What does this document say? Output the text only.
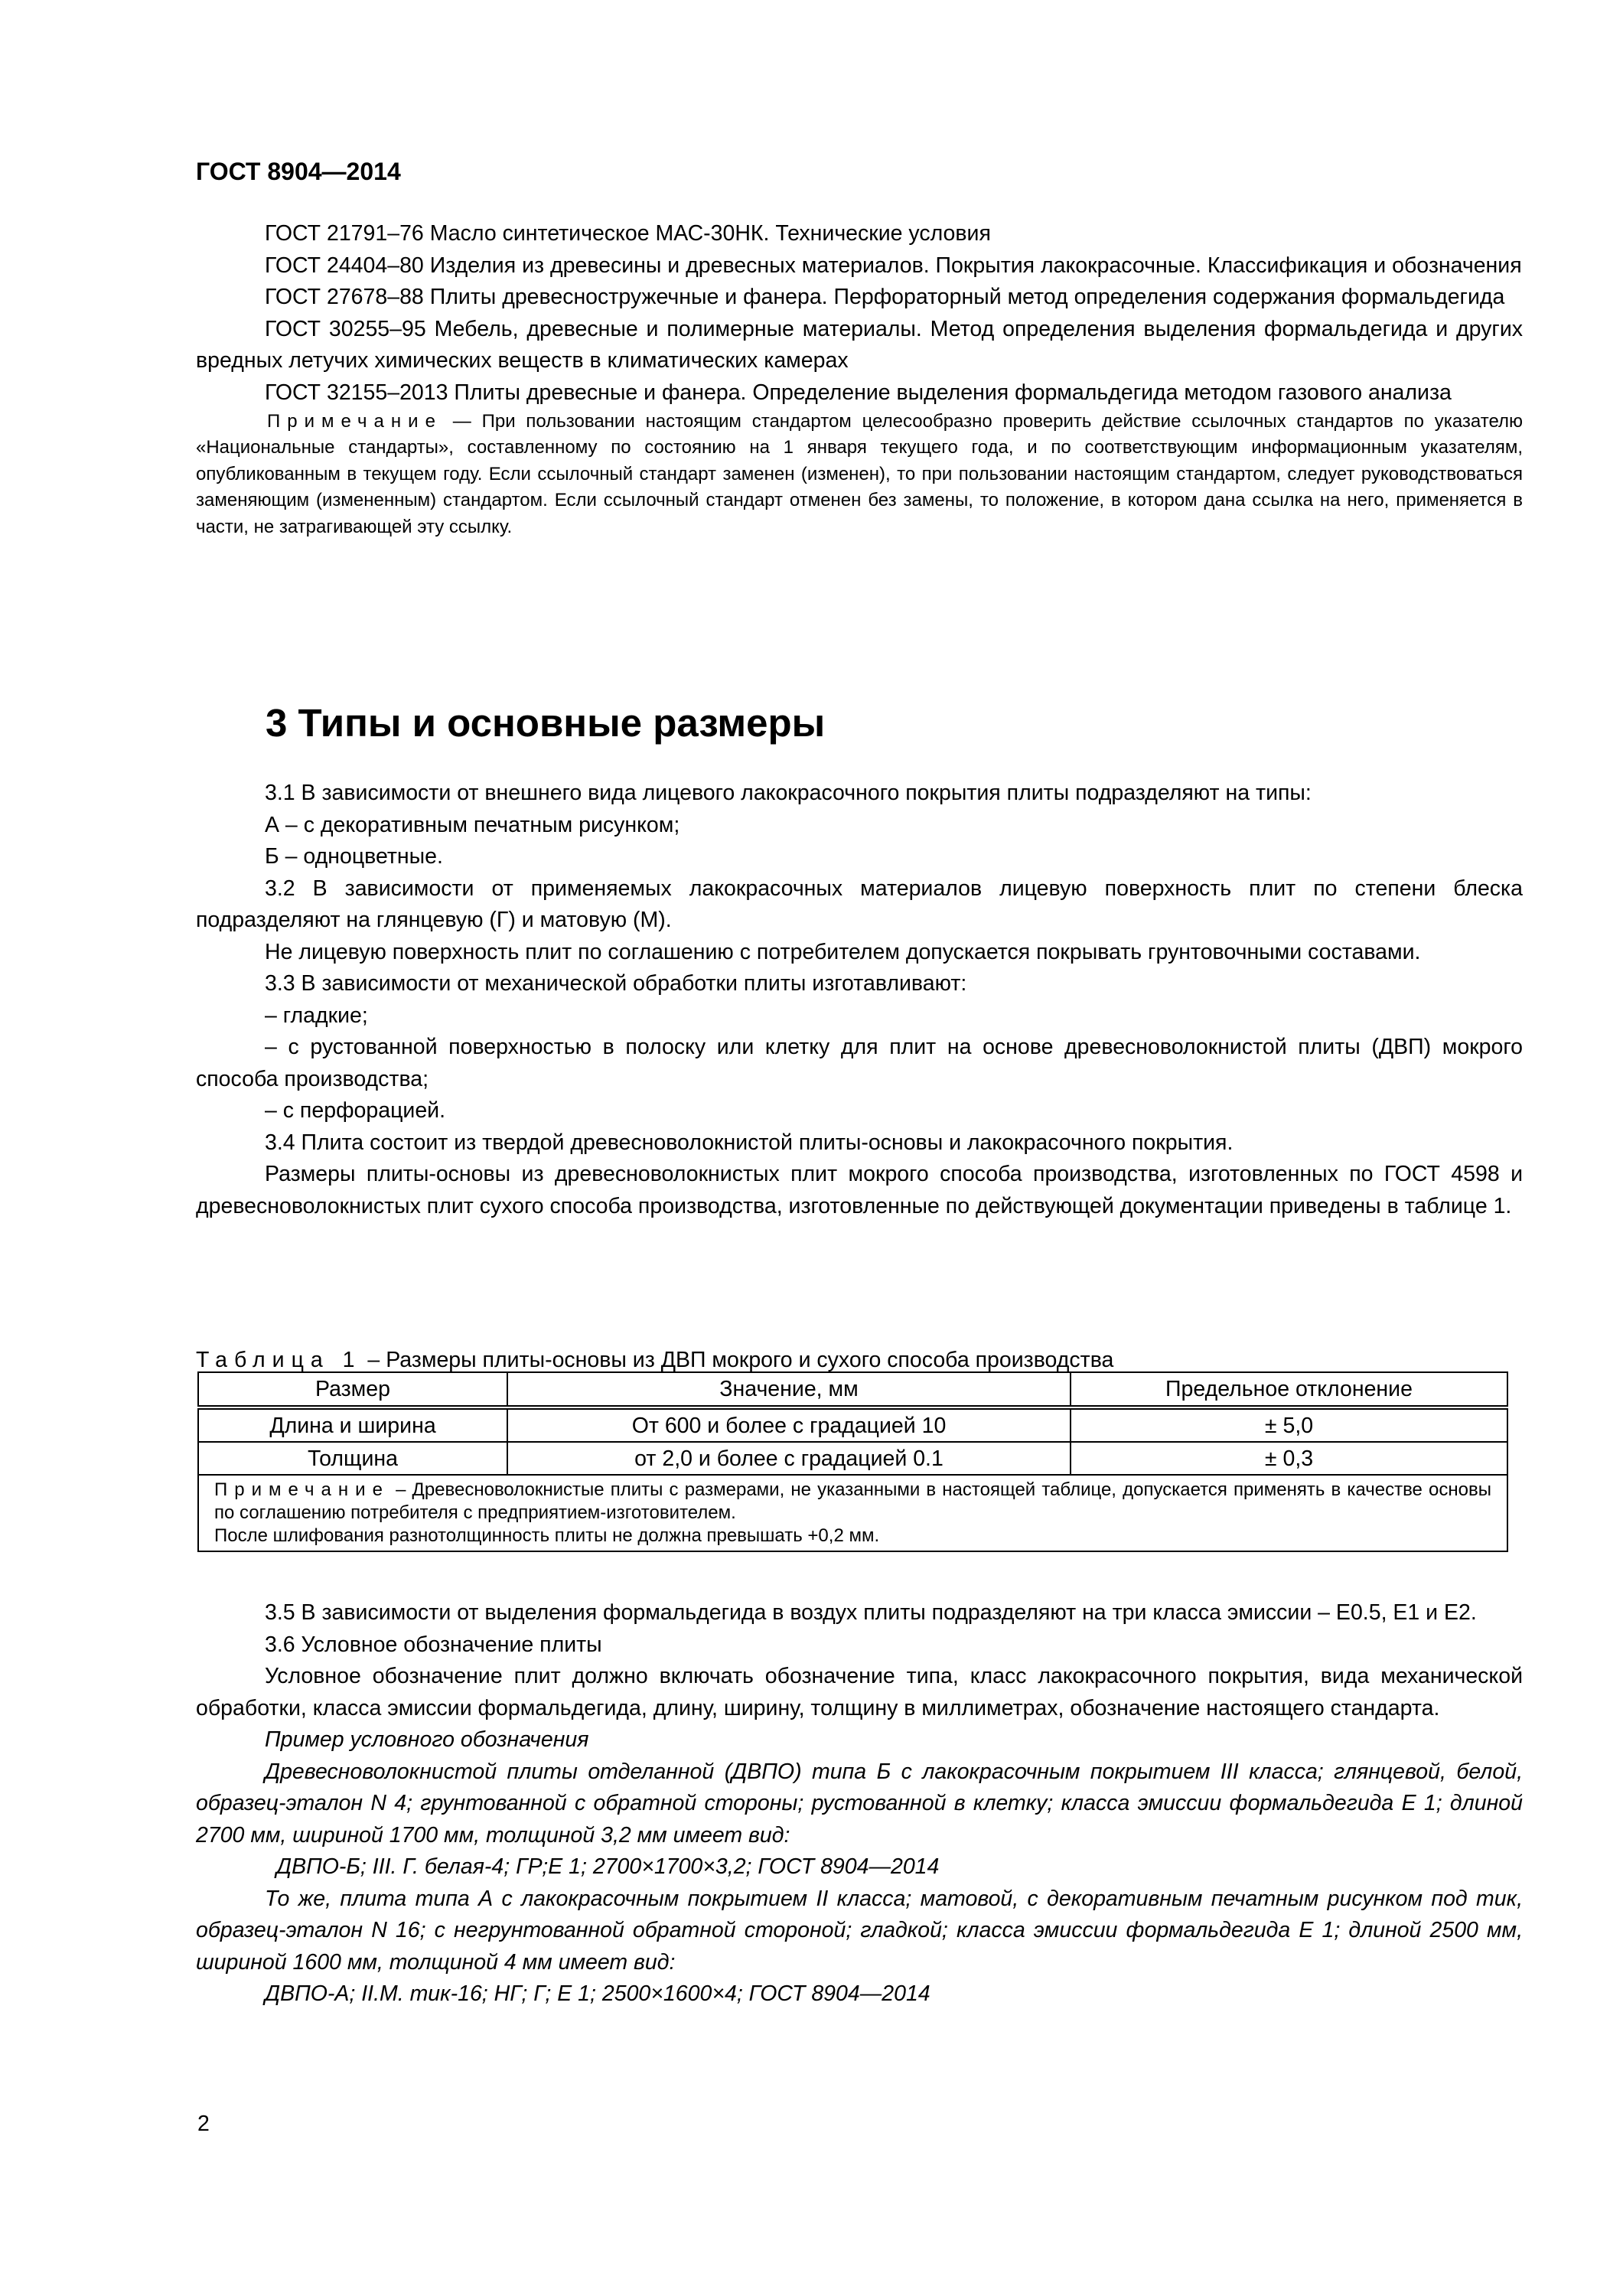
ГОСТ 8904—2014

ГОСТ 21791–76 Масло синтетическое МАС-30НК. Технические условия

ГОСТ 24404–80 Изделия из древесины и древесных материалов. Покрытия лакокрасочные. Классификация и обозначения

ГОСТ 27678–88 Плиты древесностружечные и фанера. Перфораторный метод определения содержания формальдегида

ГОСТ 30255–95 Мебель, древесные и полимерные материалы. Метод определения выделения формальдегида и других вредных летучих химических веществ в климатических камерах

ГОСТ 32155–2013 Плиты древесные и фанера. Определение выделения формальдегида методом газового анализа

Примечание — При пользовании настоящим стандартом целесообразно проверить действие ссылочных стандартов по указателю «Национальные стандарты», составленному по состоянию на 1 января текущего года, и по соответствующим информационным указателям, опубликованным в текущем году. Если ссылочный стандарт заменен (изменен), то при пользовании настоящим стандартом, следует руководствоваться заменяющим (измененным) стандартом. Если ссылочный стандарт отменен без замены, то положение, в котором дана ссылка на него, применяется в части, не затрагивающей эту ссылку.

3 Типы и основные размеры

3.1 В зависимости от внешнего вида лицевого лакокрасочного покрытия плиты подразделяют на типы:

А – с декоративным печатным рисунком;

Б – одноцветные.

3.2 В зависимости от применяемых лакокрасочных материалов лицевую поверхность плит по степени блеска подразделяют на глянцевую (Г) и матовую (М).

Не лицевую поверхность плит по соглашению с потребителем допускается покрывать грунтовочными составами.

3.3 В зависимости от механической обработки плиты изготавливают:

– гладкие;

– с рустованной поверхностью в полоску или клетку для плит на основе древесноволокнистой плиты (ДВП) мокрого способа производства;

– с перфорацией.

3.4 Плита состоит из твердой древесноволокнистой плиты-основы и лакокрасочного покрытия.

Размеры плиты-основы из древесноволокнистых плит мокрого способа производства, изготовленных по ГОСТ 4598 и древесноволокнистых плит сухого способа производства, изготовленные по действующей документации приведены в таблице 1.

Таблица 1 – Размеры плиты-основы из ДВП мокрого и сухого способа производства
Размер	Значение, мм	Предельное отклонение
Длина и ширина	От 600 и более с градацией 10	± 5,0
Толщина	от 2,0 и более с градацией 0.1	± 0,3
Примечание – Древесноволокнистые плиты с размерами, не указанными в настоящей таблице, допускается применять в качестве основы по соглашению потребителя с предприятием-изготовителем.
После шлифования разнотолщинность плиты не должна превышать +0,2 мм.		

3.5 В зависимости от выделения формальдегида в воздух плиты подразделяют на три класса эмиссии – Е0.5, Е1 и Е2.

3.6 Условное обозначение плиты

Условное обозначение плит должно включать обозначение типа, класс лакокрасочного покрытия, вида механической обработки, класса эмиссии формальдегида, длину, ширину, толщину в миллиметрах, обозначение настоящего стандарта.

Пример условного обозначения

Древесноволокнистой плиты отделанной (ДВПО) типа Б с лакокрасочным покрытием III класса; глянцевой, белой, образец-эталон N 4; грунтованной с обратной стороны; рустованной в клетку; класса эмиссии формальдегида Е 1; длиной 2700 мм, шириной 1700 мм, толщиной 3,2 мм имеет вид:

ДВПО-Б; III. Г. белая-4; ГР;Е 1; 2700×1700×3,2; ГОСТ 8904—2014

То же, плита типа А с лакокрасочным покрытием II класса; матовой, с декоративным печатным рисунком под тик, образец-эталон N 16; с негрунтованной обратной стороной; гладкой; класса эмиссии формальдегида Е 1; длиной 2500 мм, шириной 1600 мм, толщиной 4 мм имеет вид:

ДВПО-А; II.М. тик-16; НГ; Г; Е 1; 2500×1600×4; ГОСТ 8904—2014

2
